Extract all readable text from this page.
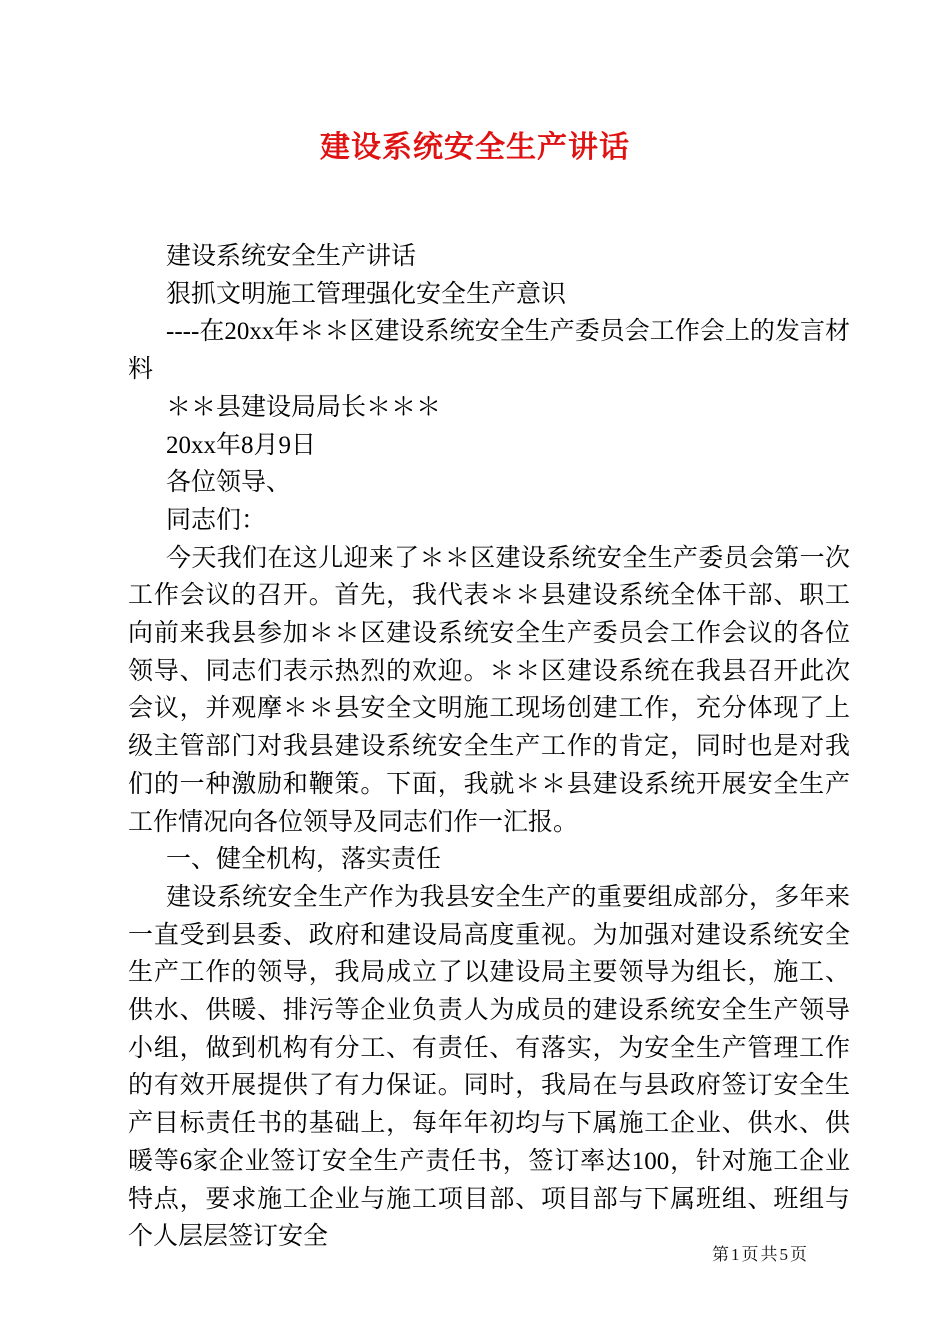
建设系统安全生产讲话

建设系统安全生产讲话

狠抓文明施工管理强化安全生产意识

----在20xx年＊＊区建设系统安全生产委员会工作会上的发言材料

＊＊县建设局局长＊＊＊

20xx年8月9日

各位领导、

同志们：

今天我们在这儿迎来了＊＊区建设系统安全生产委员会第一次工作会议的召开。首先，我代表＊＊县建设系统全体干部、职工向前来我县参加＊＊区建设系统安全生产委员会工作会议的各位领导、同志们表示热烈的欢迎。＊＊区建设系统在我县召开此次会议，并观摩＊＊县安全文明施工现场创建工作，充分体现了上级主管部门对我县建设系统安全生产工作的肯定，同时也是对我们的一种激励和鞭策。下面，我就＊＊县建设系统开展安全生产工作情况向各位领导及同志们作一汇报。

一、健全机构，落实责任

建设系统安全生产作为我县安全生产的重要组成部分，多年来一直受到县委、政府和建设局高度重视。为加强对建设系统安全生产工作的领导，我局成立了以建设局主要领导为组长，施工、供水、供暖、排污等企业负责人为成员的建设系统安全生产领导小组，做到机构有分工、有责任、有落实，为安全生产管理工作的有效开展提供了有力保证。同时，我局在与县政府签订安全生产目标责任书的基础上，每年年初均与下属施工企业、供水、供暖等6家企业签订安全生产责任书，签订率达100，针对施工企业特点，要求施工企业与施工项目部、项目部与下属班组、班组与个人层层签订安全

第1页共5页
